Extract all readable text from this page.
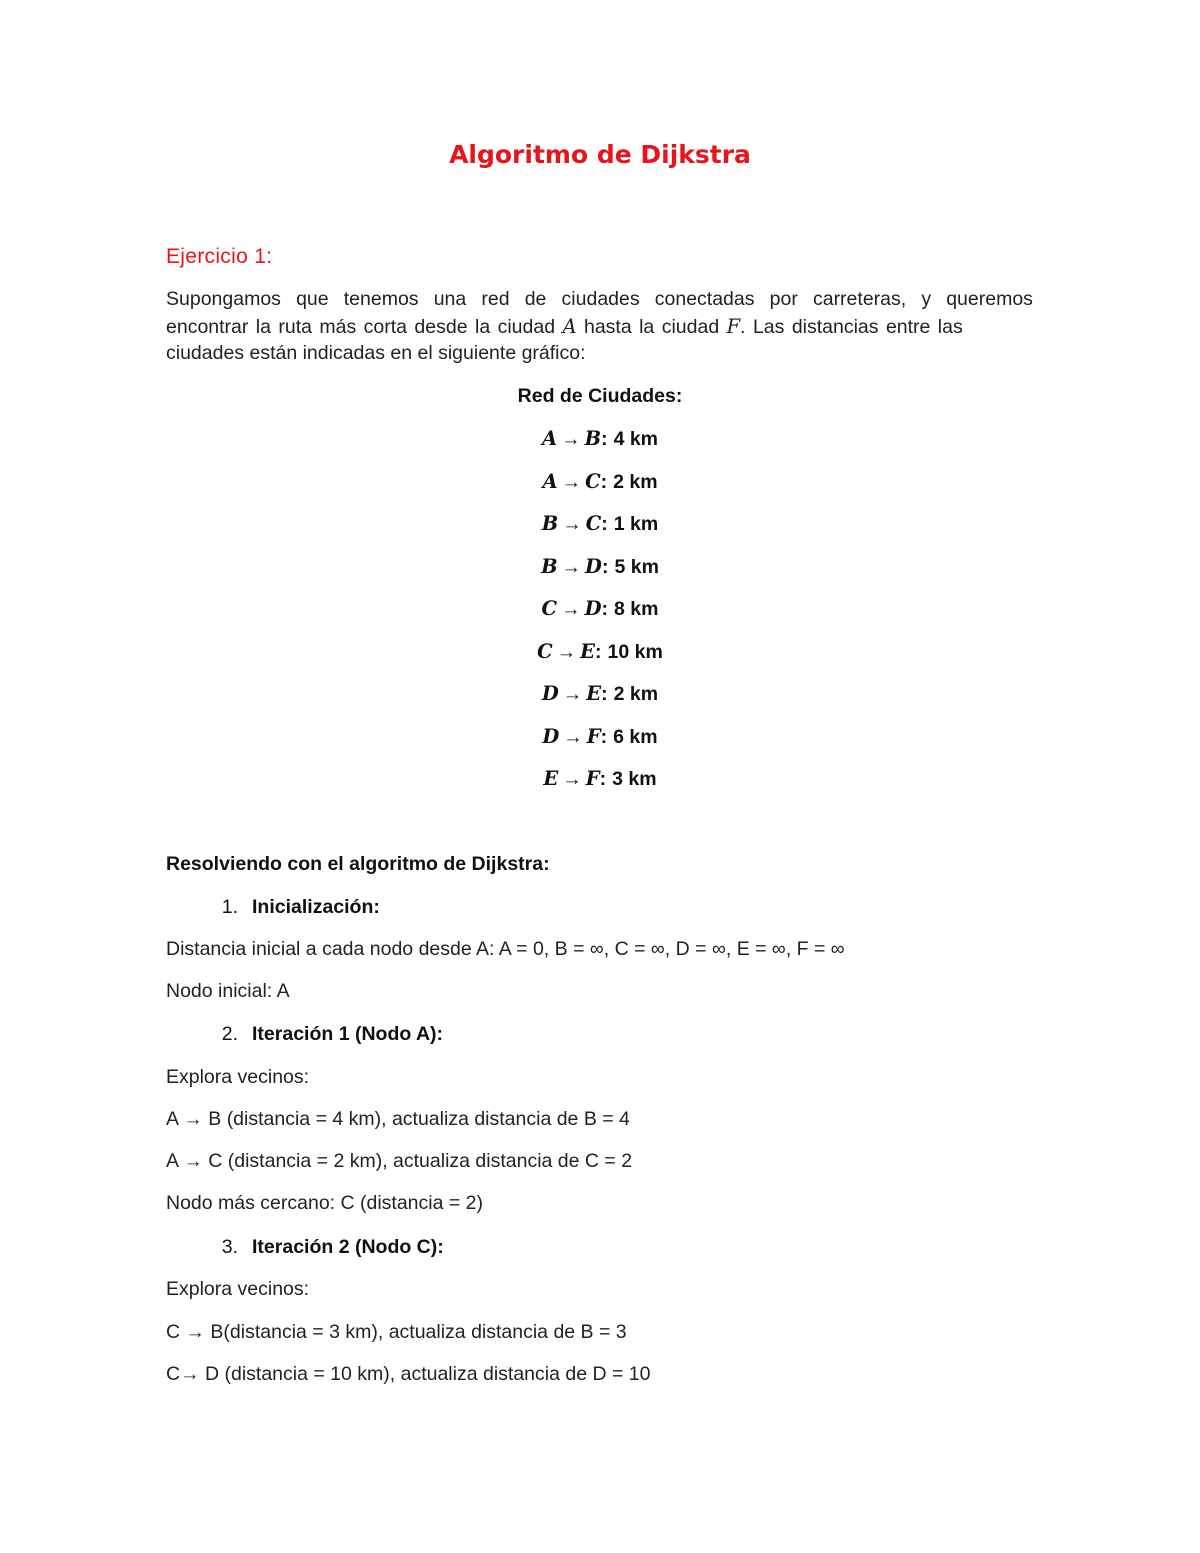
Algoritmo de Dijkstra
Ejercicio 1:
Supongamos que tenemos una red de ciudades conectadas por carreteras, y queremos
encontrar la ruta más corta desde la ciudad A hasta la ciudad F. Las distancias entre las
ciudades están indicadas en el siguiente gráfico:
Red de Ciudades:
A → B: 4 km
A → C: 2 km
B → C: 1 km
B → D: 5 km
C → D: 8 km
C → E: 10 km
D → E: 2 km
D → F: 6 km
E → F: 3 km
Resolviendo con el algoritmo de Dijkstra:
1. Inicialización:
Distancia inicial a cada nodo desde A: A = 0, B = ∞, C = ∞, D = ∞, E = ∞, F = ∞
Nodo inicial: A
2. Iteración 1 (Nodo A):
Explora vecinos:
A → B (distancia = 4 km), actualiza distancia de B = 4
A → C (distancia = 2 km), actualiza distancia de C = 2
Nodo más cercano: C (distancia = 2)
3. Iteración 2 (Nodo C):
Explora vecinos:
C → B(distancia = 3 km), actualiza distancia de B = 3
C→ D (distancia = 10 km), actualiza distancia de D = 10
